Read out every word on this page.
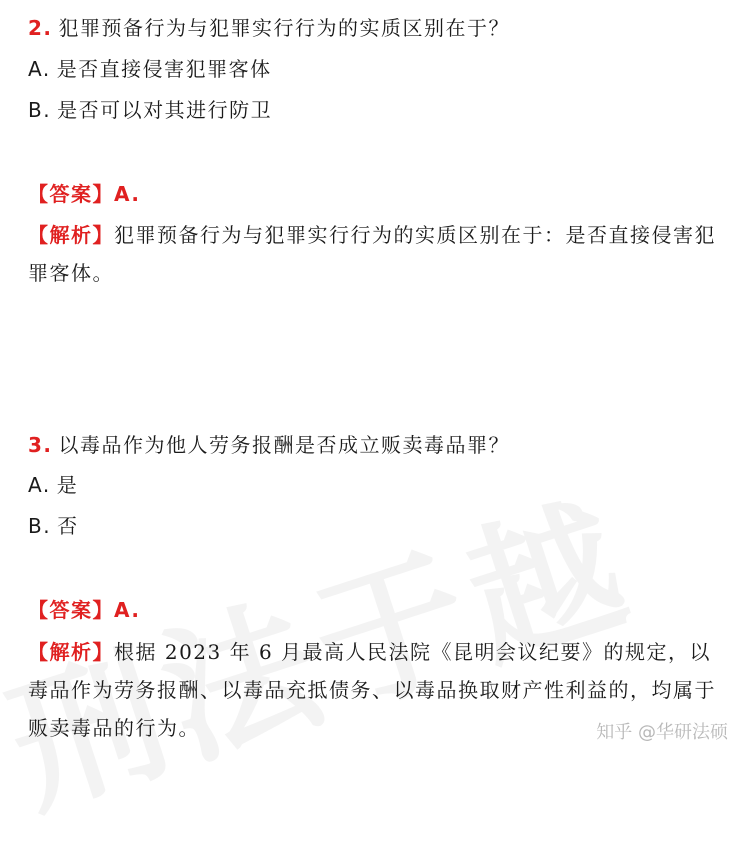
2. 犯罪预备行为与犯罪实行行为的实质区别在于？
A. 是否直接侵害犯罪客体
B. 是否可以对其进行防卫
【答案】A.
【解析】犯罪预备行为与犯罪实行行为的实质区别在于：是否直接侵害犯罪客体。
3. 以毒品作为他人劳务报酬是否成立贩卖毒品罪？
A. 是
B. 否
【答案】A.
【解析】根据 2023 年 6 月最高人民法院《昆明会议纪要》的规定，以毒品作为劳务报酬、以毒品充抵债务、以毒品换取财产性利益的，均属于贩卖毒品的行为。	知乎 @华研法硕
